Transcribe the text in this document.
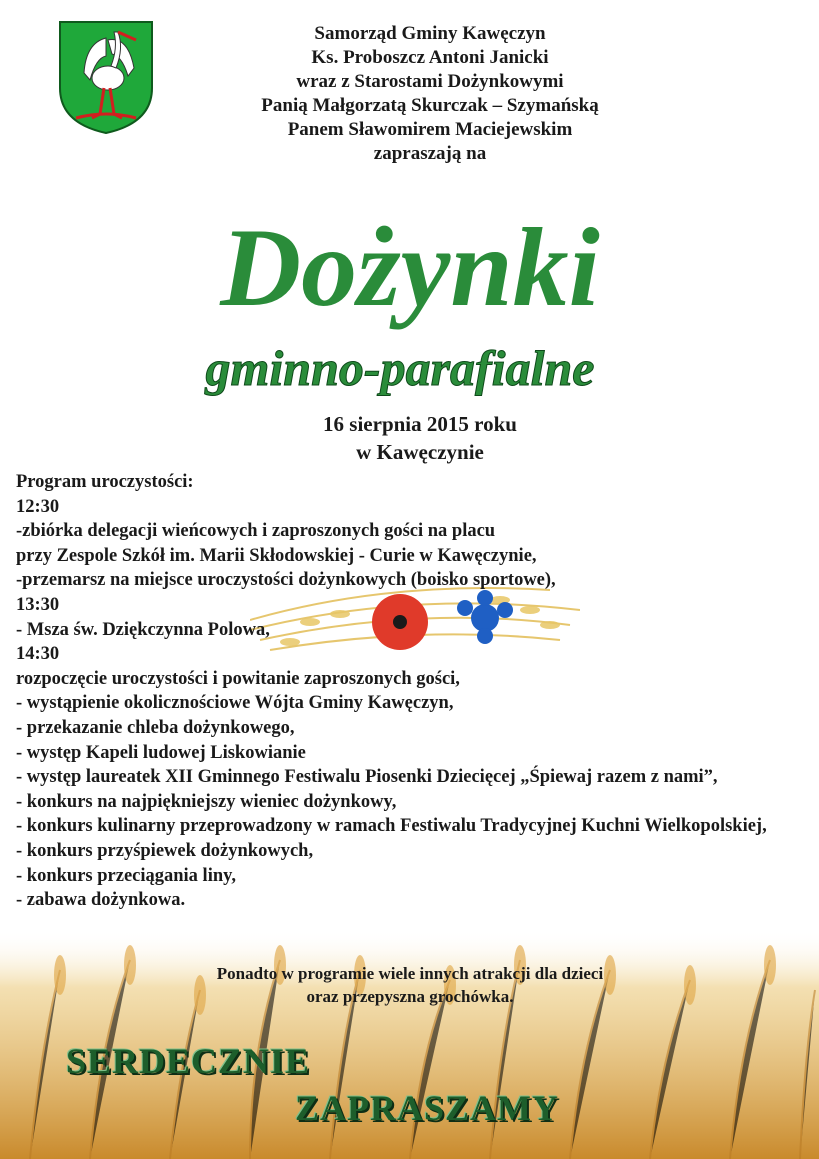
Samorząd Gminy Kawęczyn
Ks. Proboszcz Antoni Janicki
wraz z Starostami Dożynkowymi
Panią Małgorzatą Skurczak – Szymańską
Panem Sławomirem Maciejewskim
zapraszają na
Dożynki
gminno-parafialne
16 sierpnia 2015 roku
w Kawęczynie
Program uroczystości:
12:30
-zbiórka delegacji wieńcowych i zaproszonych gości na placu
przy Zespole Szkół im. Marii Skłodowskiej - Curie w Kawęczynie,
-przemarsz na miejsce uroczystości dożynkowych (boisko sportowe),
13:30
- Msza św. Dziękczynna Polowa,
14:30
rozpoczęcie uroczystości i powitanie zaproszonych gości,
- wystąpienie okolicznościowe Wójta Gminy Kawęczyn,
- przekazanie chleba dożynkowego,
- występ Kapeli ludowej Liskowianie
- występ laureatek XII Gminnego Festiwalu Piosenki Dziecięcej „Śpiewaj razem z nami”,
- konkurs na najpiękniejszy wieniec dożynkowy,
- konkurs kulinarny przeprowadzony w ramach Festiwalu Tradycyjnej Kuchni Wielkopolskiej,
- konkurs przyśpiewek dożynkowych,
- konkurs przeciągania liny,
- zabawa dożynkowa.
Ponadto w programie wiele innych atrakcji dla dzieci
oraz przepyszna grochówka.
SERDECZNIE
ZAPRASZAMY
